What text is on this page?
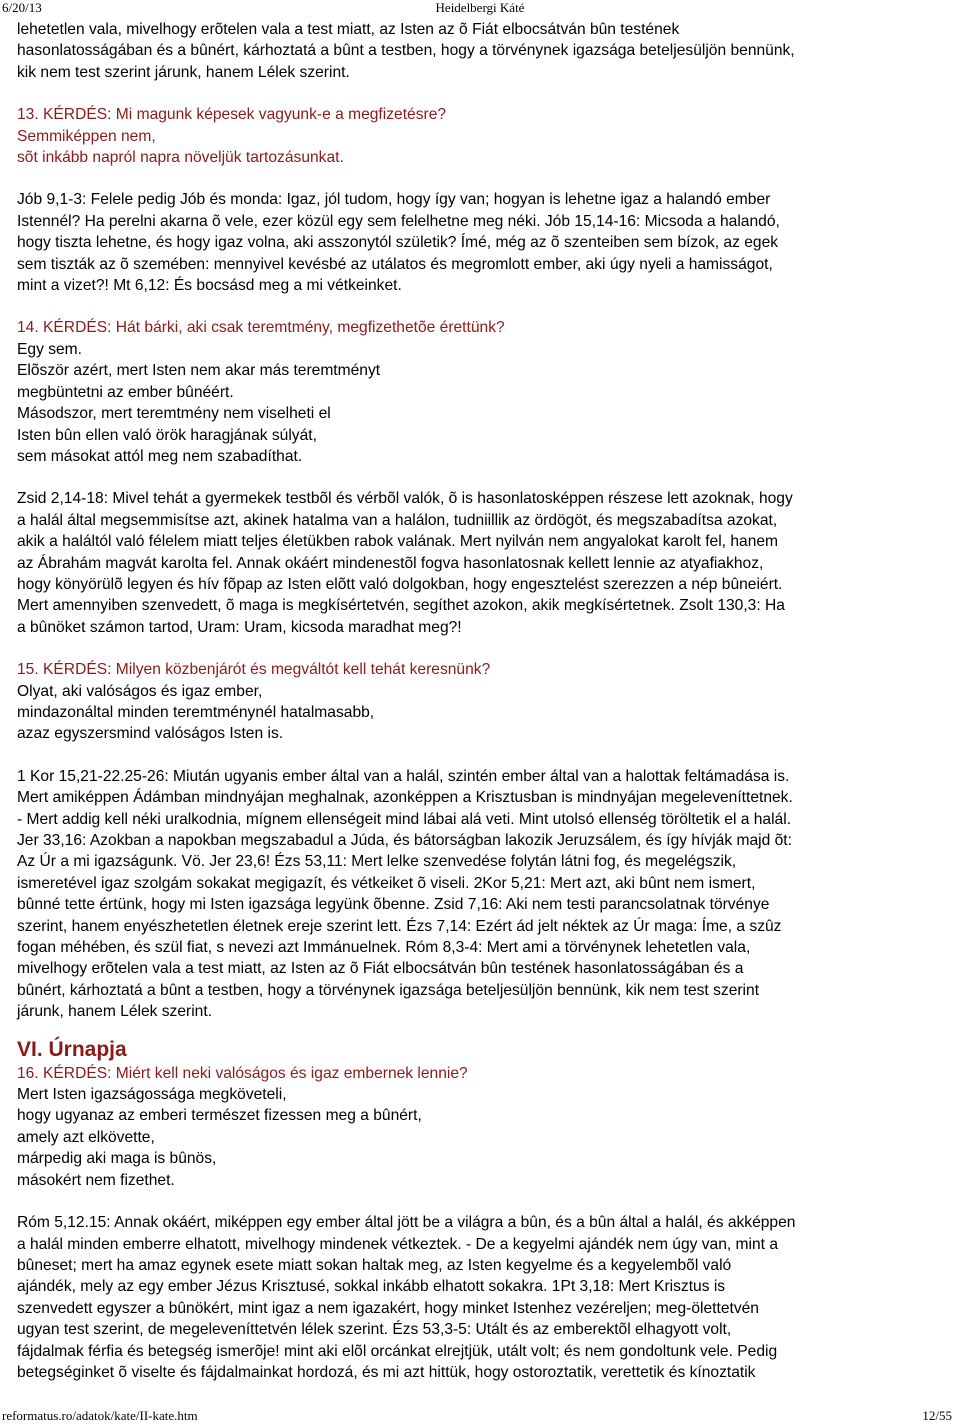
6/20/13	Heidelbergi Káté

lehetetlen vala, mivelhogy erõtelen vala a test miatt, az Isten az õ Fiát elbocsátván bûn testének
hasonlatosságában és a bûnért, kárhoztatá a bûnt a testben, hogy a törvénynek igazsága beteljesüljön bennünk,
kik nem test szerint járunk, hanem Lélek szerint.

13. KÉRDÉS: Mi magunk képesek vagyunk-e a megfizetésre?

Semmiképpen nem,
sõt inkább napról napra növeljük tartozásunkat.

Jób 9,1-3: Felele pedig Jób és monda: Igaz, jól tudom, hogy így van; hogyan is lehetne igaz a halandó ember
Istennél? Ha perelni akarna õ vele, ezer közül egy sem felelhetne meg néki. Jób 15,14-16: Micsoda a halandó,
hogy tiszta lehetne, és hogy igaz volna, aki asszonytól születik? Ímé, még az õ szenteiben sem bízok, az egek
sem tiszták az õ szemében: mennyivel kevésbé az utálatos és megromlott ember, aki úgy nyeli a hamisságot,
mint a vizet?! Mt 6,12: És bocsásd meg a mi vétkeinket.

14. KÉRDÉS: Hát bárki, aki csak teremtmény, megfizethetõe érettünk?

Egy sem.
Elõször azért, mert Isten nem akar más teremtményt
megbüntetni az ember bûnéért.
Másodszor, mert teremtmény nem viselheti el
Isten bûn ellen való örök haragjának súlyát,
sem másokat attól meg nem szabadíthat.

Zsid 2,14-18: Mivel tehát a gyermekek testbõl és vérbõl valók, õ is hasonlatosképpen részese lett azoknak, hogy
a halál által megsemmisítse azt, akinek hatalma van a halálon, tudniillik az ördögöt, és megszabadítsa azokat,
akik a haláltól való félelem miatt teljes életükben rabok valának. Mert nyilván nem angyalokat karolt fel, hanem
az Ábrahám magvát karolta fel. Annak okáért mindenestõl fogva hasonlatosnak kellett lennie az atyafiakhoz,
hogy könyörülõ legyen és hív fõpap az Isten elõtt való dolgokban, hogy engesztelést szerezzen a nép bûneiért.
Mert amennyiben szenvedett, õ maga is megkísértetvén, segíthet azokon, akik megkísértetnek. Zsolt 130,3: Ha
a bûnöket számon tartod, Uram: Uram, kicsoda maradhat meg?!

15. KÉRDÉS: Milyen közbenjárót és megváltót kell tehát keresnünk?

Olyat, aki valóságos és igaz ember,
mindazonáltal minden teremtménynél hatalmasabb,
azaz egyszersmind valóságos Isten is.

1 Kor 15,21-22.25-26: Miután ugyanis ember által van a halál, szintén ember által van a halottak feltámadása is.
Mert amiképpen Ádámban mindnyájan meghalnak, azonképpen a Krisztusban is mindnyájan megeleveníttetnek.
- Mert addig kell néki uralkodnia, mígnem ellenségeit mind lábai alá veti. Mint utolsó ellenség töröltetik el a halál.
Jer 33,16: Azokban a napokban megszabadul a Júda, és bátorságban lakozik Jeruzsálem, és így hívják majd õt:
Az Úr a mi igazságunk. Vö. Jer 23,6! Ézs 53,11: Mert lelke szenvedése folytán látni fog, és megelégszik,
ismeretével igaz szolgám sokakat megigazít, és vétkeiket õ viseli. 2Kor 5,21: Mert azt, aki bûnt nem ismert,
bûnné tette értünk, hogy mi Isten igazsága legyünk õbenne. Zsid 7,16: Aki nem testi parancsolatnak törvénye
szerint, hanem enyészhetetlen életnek ereje szerint lett. Ézs 7,14: Ezért ád jelt néktek az Úr maga: Íme, a szûz
fogan méhében, és szül fiat, s nevezi azt Immánuelnek. Róm 8,3-4: Mert ami a törvénynek lehetetlen vala,
mivelhogy erõtelen vala a test miatt, az Isten az õ Fiát elbocsátván bûn testének hasonlatosságában és a
bûnért, kárhoztatá a bûnt a testben, hogy a törvénynek igazsága beteljesüljön bennünk, kik nem test szerint
járunk, hanem Lélek szerint.

VI. Úrnapja

16. KÉRDÉS: Miért kell neki valóságos és igaz embernek lennie?

Mert Isten igazságossága megköveteli,
hogy ugyanaz az emberi természet fizessen meg a bûnért,
amely azt elkövette,
márpedig aki maga is bûnös,
másokért nem fizethet.

Róm 5,12.15: Annak okáért, miképpen egy ember által jött be a világra a bûn, és a bûn által a halál, és akképpen
a halál minden emberre elhatott, mivelhogy mindenek vétkeztek. - De a kegyelmi ajándék nem úgy van, mint a
bûneset; mert ha amaz egynek esete miatt sokan haltak meg, az Isten kegyelme és a kegyelembõl való
ajándék, mely az egy ember Jézus Krisztusé, sokkal inkább elhatott sokakra. 1Pt 3,18: Mert Krisztus is
szenvedett egyszer a bûnökért, mint igaz a nem igazakért, hogy minket Istenhez vezéreljen; meg-ölettetvén
ugyan test szerint, de megeleveníttetvén lélek szerint. Ézs 53,3-5: Utált és az emberektõl elhagyott volt,
fájdalmak férfia és betegség ismerõje! mint aki elõl orcánkat elrejtjük, utált volt; és nem gondoltunk vele. Pedig
betegséginket õ viselte és fájdalmainkat hordozá, és mi azt hittük, hogy ostoroztatik, verettetik és kínoztatik

reformatus.ro/adatok/kate/II-kate.htm	12/55
